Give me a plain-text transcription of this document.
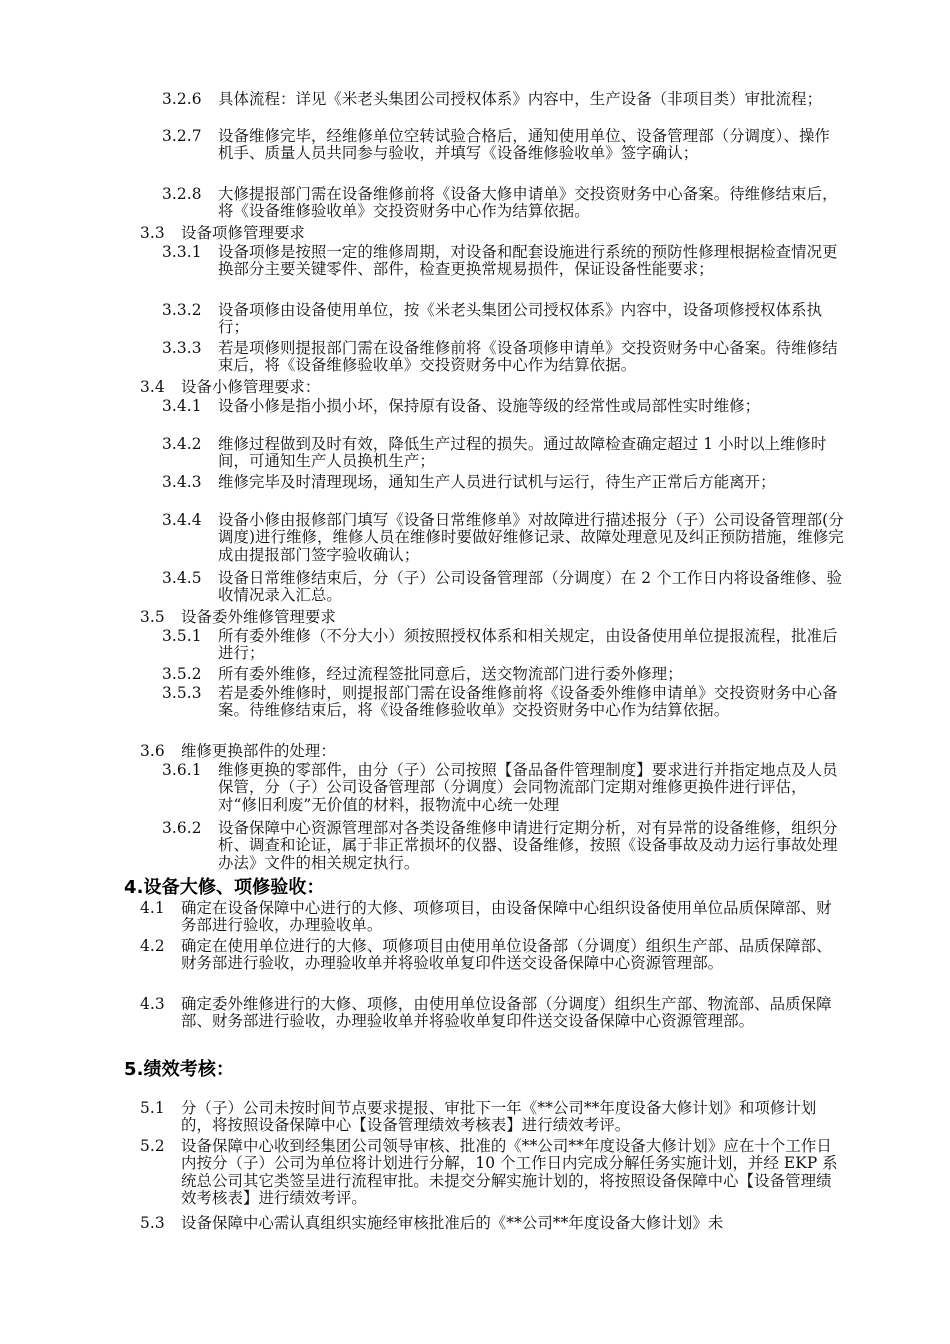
3.2.6 具体流程：详见《米老头集团公司授权体系》内容中，生产设备（非项目类）审批流程；

3.2.7 设备维修完毕，经维修单位空转试验合格后，通知使用单位、设备管理部（分调度）、操作机手、质量人员共同参与验收，并填写《设备维修验收单》签字确认；

3.2.8 大修提报部门需在设备维修前将《设备大修申请单》交投资财务中心备案。待维修结束后，将《设备维修验收单》交投资财务中心作为结算依据。

3.3 设备项修管理要求

3.3.1 设备项修是按照一定的维修周期，对设备和配套设施进行系统的预防性修理根据检查情况更换部分主要关键零件、部件，检查更换常规易损件，保证设备性能要求；

3.3.2 设备项修由设备使用单位，按《米老头集团公司授权体系》内容中，设备项修授权体系执行；

3.3.3 若是项修则提报部门需在设备维修前将《设备项修申请单》交投资财务中心备案。待维修结束后，将《设备维修验收单》交投资财务中心作为结算依据。

3.4 设备小修管理要求：

3.4.1 设备小修是指小损小坏，保持原有设备、设施等级的经常性或局部性实时维修；

3.4.2 维修过程做到及时有效，降低生产过程的损失。通过故障检查确定超过 1 小时以上维修时间，可通知生产人员换机生产；

3.4.3 维修完毕及时清理现场，通知生产人员进行试机与运行，待生产正常后方能离开；

3.4.4 设备小修由报修部门填写《设备日常维修单》对故障进行描述报分（子）公司设备管理部(分调度)进行维修，维修人员在维修时要做好维修记录、故障处理意见及纠正预防措施，维修完成由提报部门签字验收确认；

3.4.5 设备日常维修结束后，分（子）公司设备管理部（分调度）在 2 个工作日内将设备维修、验收情况录入汇总。

3.5 设备委外维修管理要求

3.5.1 所有委外维修（不分大小）须按照授权体系和相关规定，由设备使用单位提报流程，批准后进行；

3.5.2 所有委外维修，经过流程签批同意后，送交物流部门进行委外修理；

3.5.3 若是委外维修时，则提报部门需在设备维修前将《设备委外维修申请单》交投资财务中心备案。待维修结束后，将《设备维修验收单》交投资财务中心作为结算依据。

3.6 维修更换部件的处理：

3.6.1 维修更换的零部件，由分（子）公司按照【备品备件管理制度】要求进行并指定地点及人员保管，分（子）公司设备管理部（分调度）会同物流部门定期对维修更换件进行评估，对“修旧利废”无价值的材料，报物流中心统一处理

3.6.2 设备保障中心资源管理部对各类设备维修申请进行定期分析，对有异常的设备维修，组织分析、调查和论证，属于非正常损坏的仪器、设备维修，按照《设备事故及动力运行事故处理办法》文件的相关规定执行。

4.设备大修、项修验收：
4.1 确定在设备保障中心进行的大修、项修项目，由设备保障中心组织设备使用单位品质保障部、财务部进行验收，办理验收单。

4.2 确定在使用单位进行的大修、项修项目由使用单位设备部（分调度）组织生产部、品质保障部、财务部进行验收，办理验收单并将验收单复印件送交设备保障中心资源管理部。

4.3 确定委外维修进行的大修、项修，由使用单位设备部（分调度）组织生产部、物流部、品质保障部、财务部进行验收，办理验收单并将验收单复印件送交设备保障中心资源管理部。

5.绩效考核：
5.1 分（子）公司未按时间节点要求提报、审批下一年《**公司**年度设备大修计划》和项修计划的，将按照设备保障中心【设备管理绩效考核表】进行绩效考评。

5.2 设备保障中心收到经集团公司领导审核、批准的《**公司**年度设备大修计划》应在十个工作日内按分（子）公司为单位将计划进行分解，10 个工作日内完成分解任务实施计划，并经 EKP 系统总公司其它类签呈进行流程审批。未提交分解实施计划的，将按照设备保障中心【设备管理绩效考核表】进行绩效考评。

5.3 设备保障中心需认真组织实施经审核批准后的《**公司**年度设备大修计划》未
